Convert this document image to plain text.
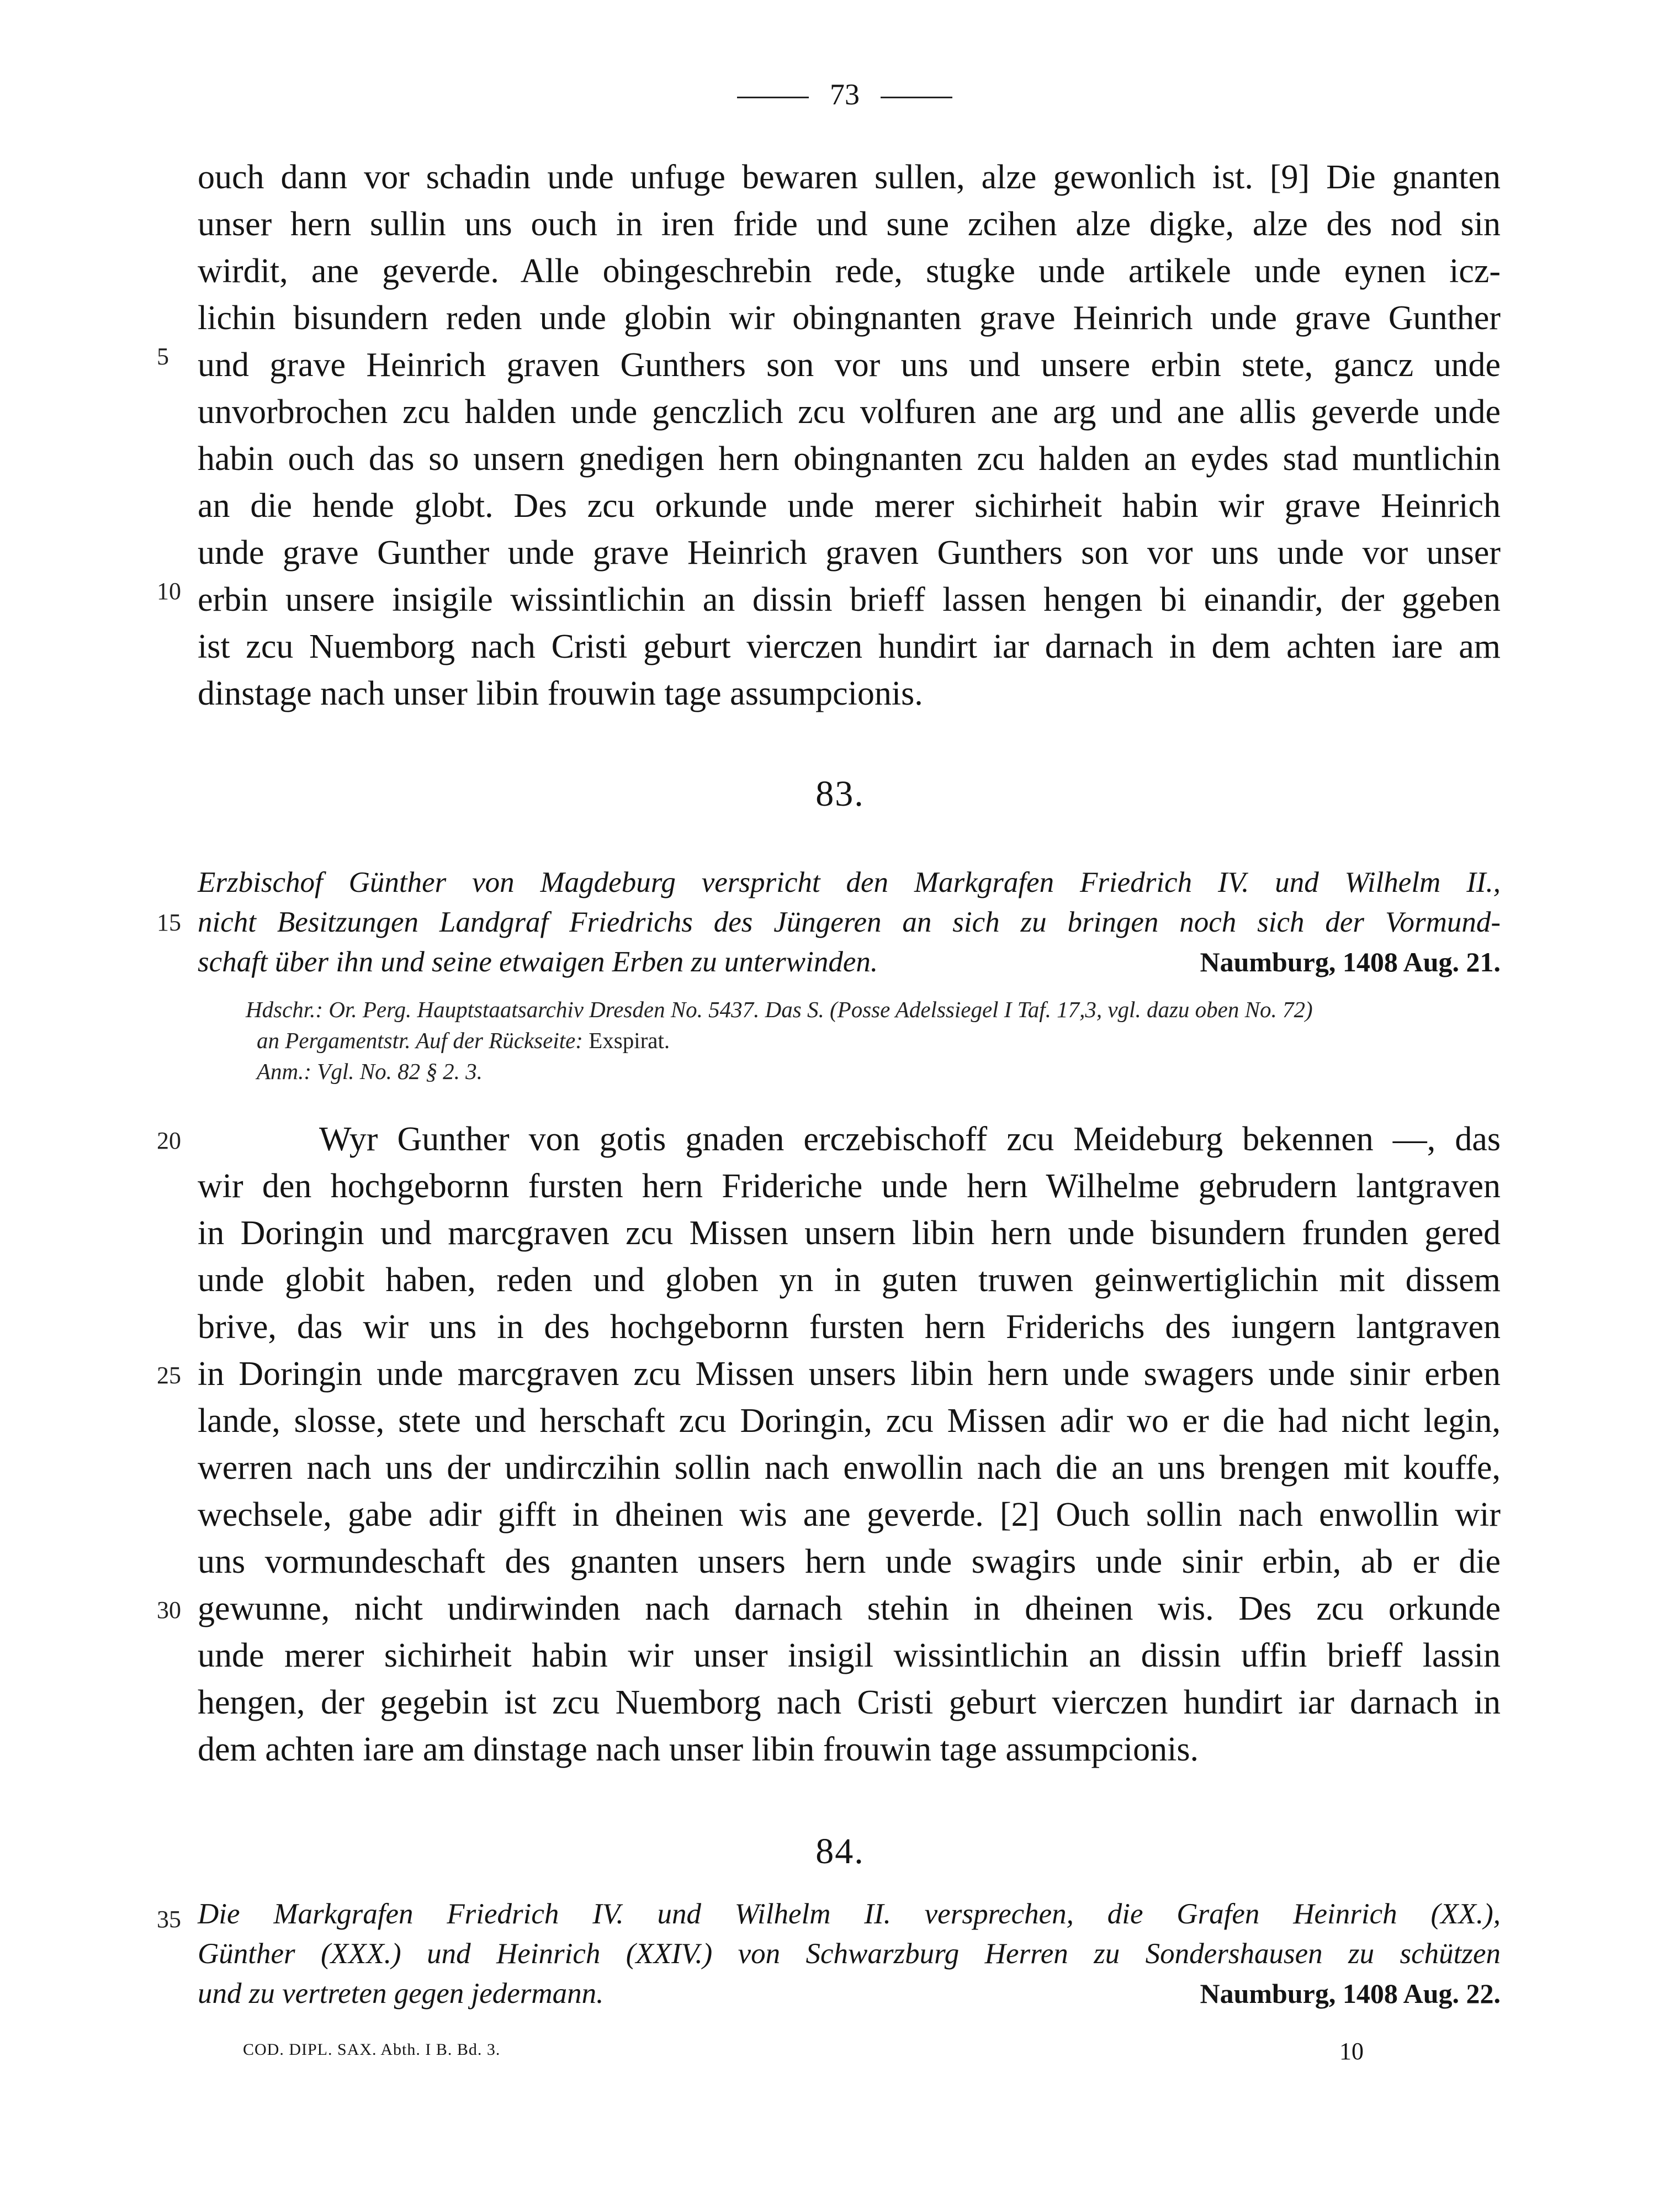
73
ouch dann vor schadin unde unfuge bewaren sullen, alze gewonlich ist. [9] Die gnanten
unser hern sullin uns ouch in iren fride und sune zcihen alze digke, alze des nod sin
wirdit, ane geverde. Alle obingeschrebin rede, stugke unde artikele unde eynen icz-
lichin bisundern reden unde globin wir obingnanten grave Heinrich unde grave Gunther
und grave Heinrich graven Gunthers son vor uns und unsere erbin stete, gancz unde
unvorbrochen zcu halden unde genczlich zcu volfuren ane arg und ane allis geverde unde
habin ouch das so unsern gnedigen hern obingnanten zcu halden an eydes stad muntlichin
an die hende globt. Des zcu orkunde unde merer sichirheit habin wir grave Heinrich
unde grave Gunther unde grave Heinrich graven Gunthers son vor uns unde vor unser
erbin unsere insigile wissintlichin an dissin brieff lassen hengen bi einandir, der ggeben
ist zcu Nuemborg nach Cristi geburt vierczen hundirt iar darnach in dem achten iare am
dinstage nach unser libin frouwin tage assumpcionis.
5
10
83.
Erzbischof Günther von Magdeburg verspricht den Markgrafen Friedrich IV. und Wilhelm II.,
nicht Besitzungen Landgraf Friedrichs des Jüngeren an sich zu bringen noch sich der Vormund-
schaft über ihn und seine etwaigen Erben zu unterwinden.	Naumburg, 1408 Aug. 21.
15
Hdschr.: Or. Perg. Hauptstaatsarchiv Dresden No. 5437. Das S. (Posse Adelssiegel I Taf. 17,3, vgl. dazu oben No. 72)
an Pergamentstr. Auf der Rückseite: Exspirat.
Anm.: Vgl. No. 82 § 2. 3.
Wyr Gunther von gotis gnaden erczebischoff zcu Meideburg bekennen —, das
wir den hochgebornn fursten hern Frideriche unde hern Wilhelme gebrudern lantgraven
in Doringin und marcgraven zcu Missen unsern libin hern unde bisundern frunden gered
unde globit haben, reden und globen yn in guten truwen geinwertiglichin mit dissem
brive, das wir uns in des hochgebornn fursten hern Friderichs des iungern lantgraven
in Doringin unde marcgraven zcu Missen unsers libin hern unde swagers unde sinir erben
lande, slosse, stete und herschaft zcu Doringin, zcu Missen adir wo er die had nicht legin,
werren nach uns der undirczihin sollin nach enwollin nach die an uns brengen mit kouffe,
wechsele, gabe adir gifft in dheinen wis ane geverde. [2] Ouch sollin nach enwollin wir
uns vormundeschaft des gnanten unsers hern unde swagirs unde sinir erbin, ab er die
gewunne, nicht undirwinden nach darnach stehin in dheinen wis. Des zcu orkunde
unde merer sichirheit habin wir unser insigil wissintlichin an dissin uffin brieff lassin
hengen, der gegebin ist zcu Nuemborg nach Cristi geburt vierczen hundirt iar darnach in
dem achten iare am dinstage nach unser libin frouwin tage assumpcionis.
20
25
30
84.
Die Markgrafen Friedrich IV. und Wilhelm II. versprechen, die Grafen Heinrich (XX.),
Günther (XXX.) und Heinrich (XXIV.) von Schwarzburg Herren zu Sondershausen zu schützen
und zu vertreten gegen jedermann.	Naumburg, 1408 Aug. 22.
35
COD. DIPL. SAX. Abth. I B. Bd. 3.	10
